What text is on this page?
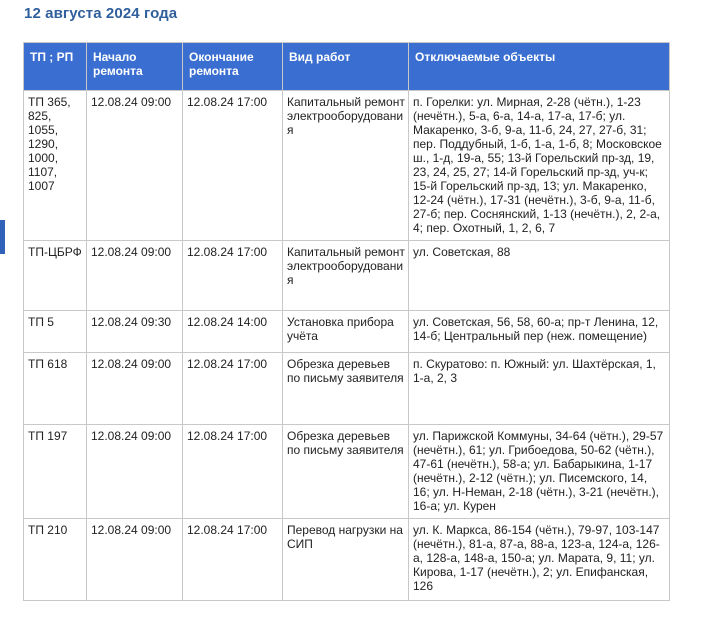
12 августа 2024 года
ТП ; РП	Начало ремонта	Окончание ремонта	Вид работ	Отключаемые объекты
ТП 365, 825, 1055, 1290, 1000, 1107, 1007	12.08.24 09:00	12.08.24 17:00	Капитальный ремонт электрооборудования	п. Горелки: ул. Мирная, 2-28 (чётн.), 1-23 (нечётн.), 5-а, 6-а, 14-а, 17-а, 17-б; ул. Макаренко, 3-б, 9-а, 11-б, 24, 27, 27-б, 31; пер. Поддубный, 1-б, 1-а, 1-б, 8; Московское ш., 1-д, 19-а, 55; 13-й Горельский пр-зд, 19, 23, 24, 25, 27; 14-й Горельский пр-зд, уч-к; 15-й Горельский пр-зд, 13; ул. Макаренко, 12-24 (чётн.), 17-31 (нечётн.), 3-б, 9-а, 11-б, 27-б; пер. Соснянский, 1-13 (нечётн.), 2, 2-а, 4; пер. Охотный, 1, 2, 6, 7
ТП-ЦБРФ	12.08.24 09:00	12.08.24 17:00	Капитальный ремонт электрооборудования	ул. Советская, 88
ТП 5	12.08.24 09:30	12.08.24 14:00	Установка прибора учёта	ул. Советская, 56, 58, 60-а; пр-т Ленина, 12, 14-б; Центральный пер (неж. помещение)
ТП 618	12.08.24 09:00	12.08.24 17:00	Обрезка деревьев по письму заявителя	п. Скуратово: п. Южный: ул. Шахтёрская, 1, 1-а, 2, 3
ТП 197	12.08.24 09:00	12.08.24 17:00	Обрезка деревьев по письму заявителя	ул. Парижской Коммуны, 34-64 (чётн.), 29-57 (нечётн.), 61; ул. Грибоедова, 50-62 (чётн.), 47-61 (нечётн.), 58-а; ул. Бабарыкина, 1-17 (нечётн.), 2-12 (чётн.); ул. Писемского, 14, 16; ул. Н-Неман, 2-18 (чётн.), 3-21 (нечётн.), 16-а; ул. Курен
ТП 210	12.08.24 09:00	12.08.24 17:00	Перевод нагрузки на СИП	ул. К. Маркса, 86-154 (чётн.), 79-97, 103-147 (нечётн.), 81-а, 87-а, 88-а, 123-а, 124-а, 126-а, 128-а, 148-а, 150-а; ул. Марата, 9, 11; ул. Кирова, 1-17 (нечётн.), 2; ул. Епифанская, 126
